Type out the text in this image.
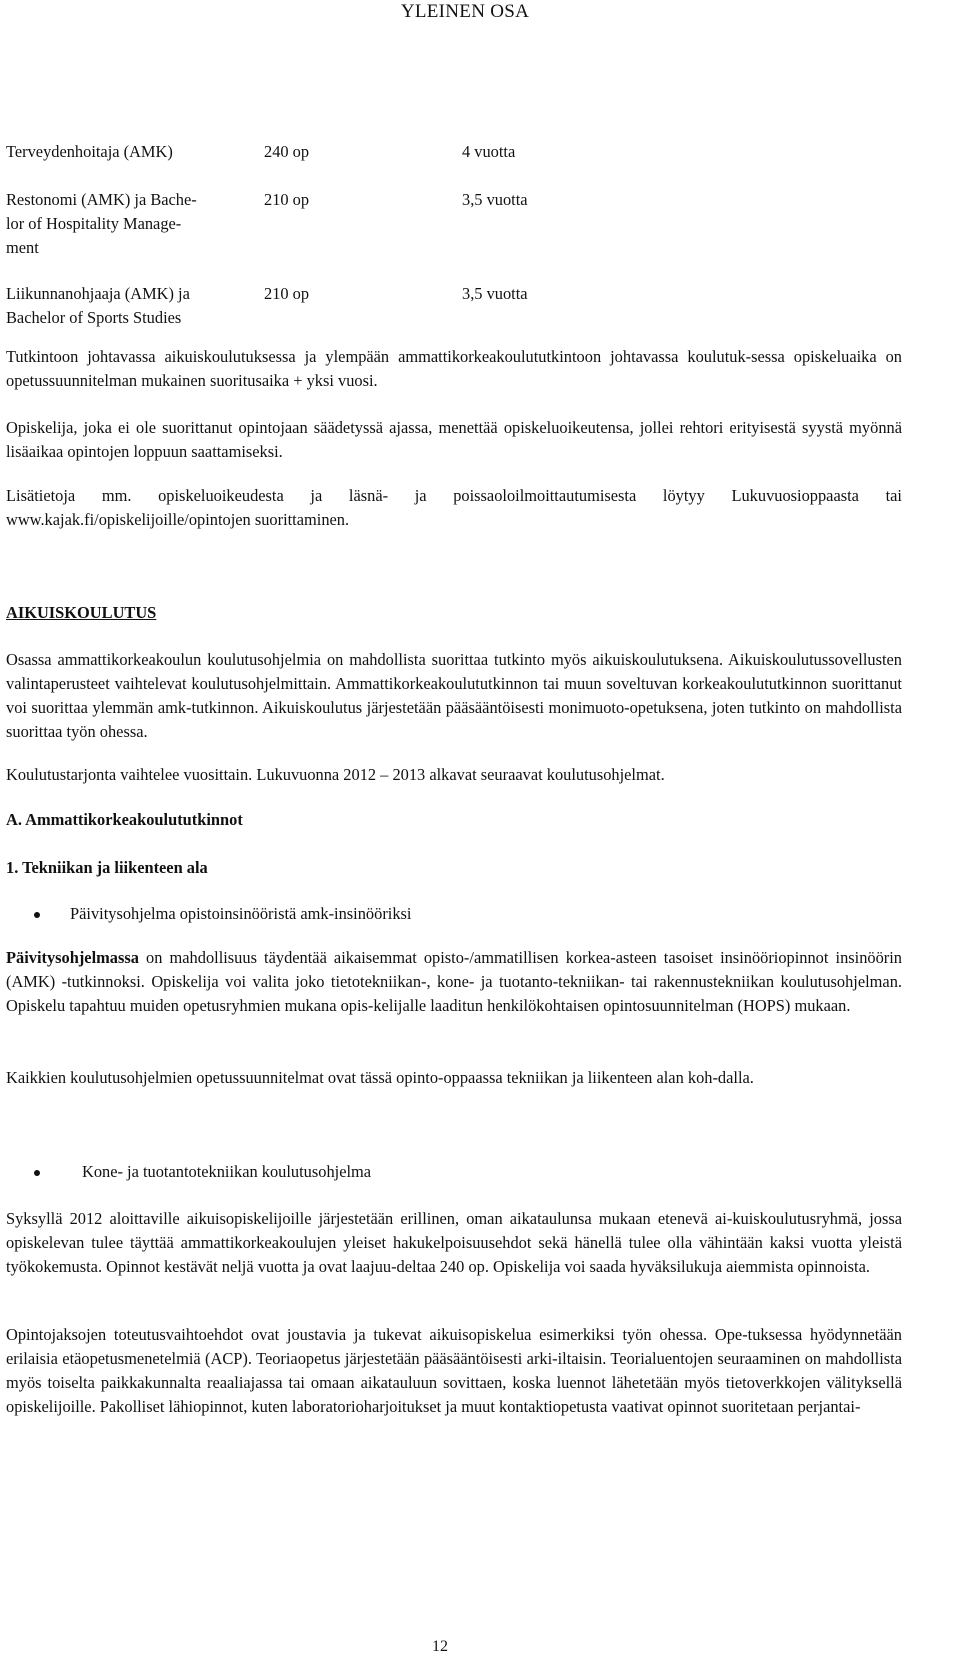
YLEINEN OSA
Terveydenhoitaja (AMK)	240 op	4 vuotta
Restonomi (AMK) ja Bache-
lor of Hospitality Manage-
ment
210 op	3,5 vuotta
Liikunnanohjaaja (AMK) ja
Bachelor of Sports Studies
210 op	3,5 vuotta

Tutkintoon johtavassa aikuiskoulutuksessa ja ylempään ammattikorkeakoulututkintoon johtavassa koulutuk-sessa opiskeluaika on opetussuunnitelman mukainen suoritusaika + yksi vuosi.

Opiskelija, joka ei ole suorittanut opintojaan säädetyssä ajassa, menettää opiskeluoikeutensa, jollei rehtori erityisestä syystä myönnä lisäaikaa opintojen loppuun saattamiseksi.

Lisätietoja mm. opiskeluoikeudesta ja läsnä- ja poissaoloilmoittautumisesta löytyy Lukuvuosioppaasta tai www.kajak.fi/opiskelijoille/opintojen suorittaminen.

AIKUISKOULUTUS

Osassa ammattikorkeakoulun koulutusohjelmia on mahdollista suorittaa tutkinto myös aikuiskoulutuksena. Aikuiskoulutussovellusten valintaperusteet vaihtelevat koulutusohjelmittain. Ammattikorkeakoulututkinnon tai muun soveltuvan korkeakoulututkinnon suorittanut voi suorittaa ylemmän amk-tutkinnon. Aikuiskoulutus järjestetään pääsääntöisesti monimuoto-opetuksena, joten tutkinto on mahdollista suorittaa työn ohessa.

Koulutustarjonta vaihtelee vuosittain. Lukuvuonna 2012 – 2013 alkavat seuraavat koulutusohjelmat.

A. Ammattikorkeakoulututkinnot
1. Tekniikan ja liikenteen ala
Päivitysohjelma opistoinsinööristä amk-insinööriksi

Päivitysohjelmassa on mahdollisuus täydentää aikaisemmat opisto-/ammatillisen korkea-asteen tasoiset insinööriopinnot insinöörin (AMK) -tutkinnoksi. Opiskelija voi valita joko tietotekniikan-, kone- ja tuotanto-tekniikan- tai rakennustekniikan koulutusohjelman. Opiskelu tapahtuu muiden opetusryhmien mukana opis-kelijalle laaditun henkilökohtaisen opintosuunnitelman (HOPS) mukaan.

Kaikkien koulutusohjelmien opetussuunnitelmat ovat tässä opinto-oppaassa tekniikan ja liikenteen alan koh-dalla.

Kone- ja tuotantotekniikan koulutusohjelma

Syksyllä 2012 aloittaville aikuisopiskelijoille järjestetään erillinen, oman aikataulunsa mukaan etenevä ai-kuiskoulutusryhmä, jossa opiskelevan tulee täyttää ammattikorkeakoulujen yleiset hakukelpoisuusehdot sekä hänellä tulee olla vähintään kaksi vuotta yleistä työkokemusta. Opinnot kestävät neljä vuotta ja ovat laajuu-deltaa 240 op. Opiskelija voi saada hyväksilukuja aiemmista opinnoista.

Opintojaksojen toteutusvaihtoehdot ovat joustavia ja tukevat aikuisopiskelua esimerkiksi työn ohessa. Ope-tuksessa hyödynnetään erilaisia etäopetusmenetelmiä (ACP). Teoriaopetus järjestetään pääsääntöisesti arki-iltaisin. Teorialuentojen seuraaminen on mahdollista myös toiselta paikkakunnalta reaaliajassa tai omaan aikatauluun sovittaen, koska luennot lähetetään myös tietoverkkojen välityksellä opiskelijoille. Pakolliset lähiopinnot, kuten laboratorioharjoitukset ja muut kontaktiopetusta vaativat opinnot suoritetaan perjantai-

12
